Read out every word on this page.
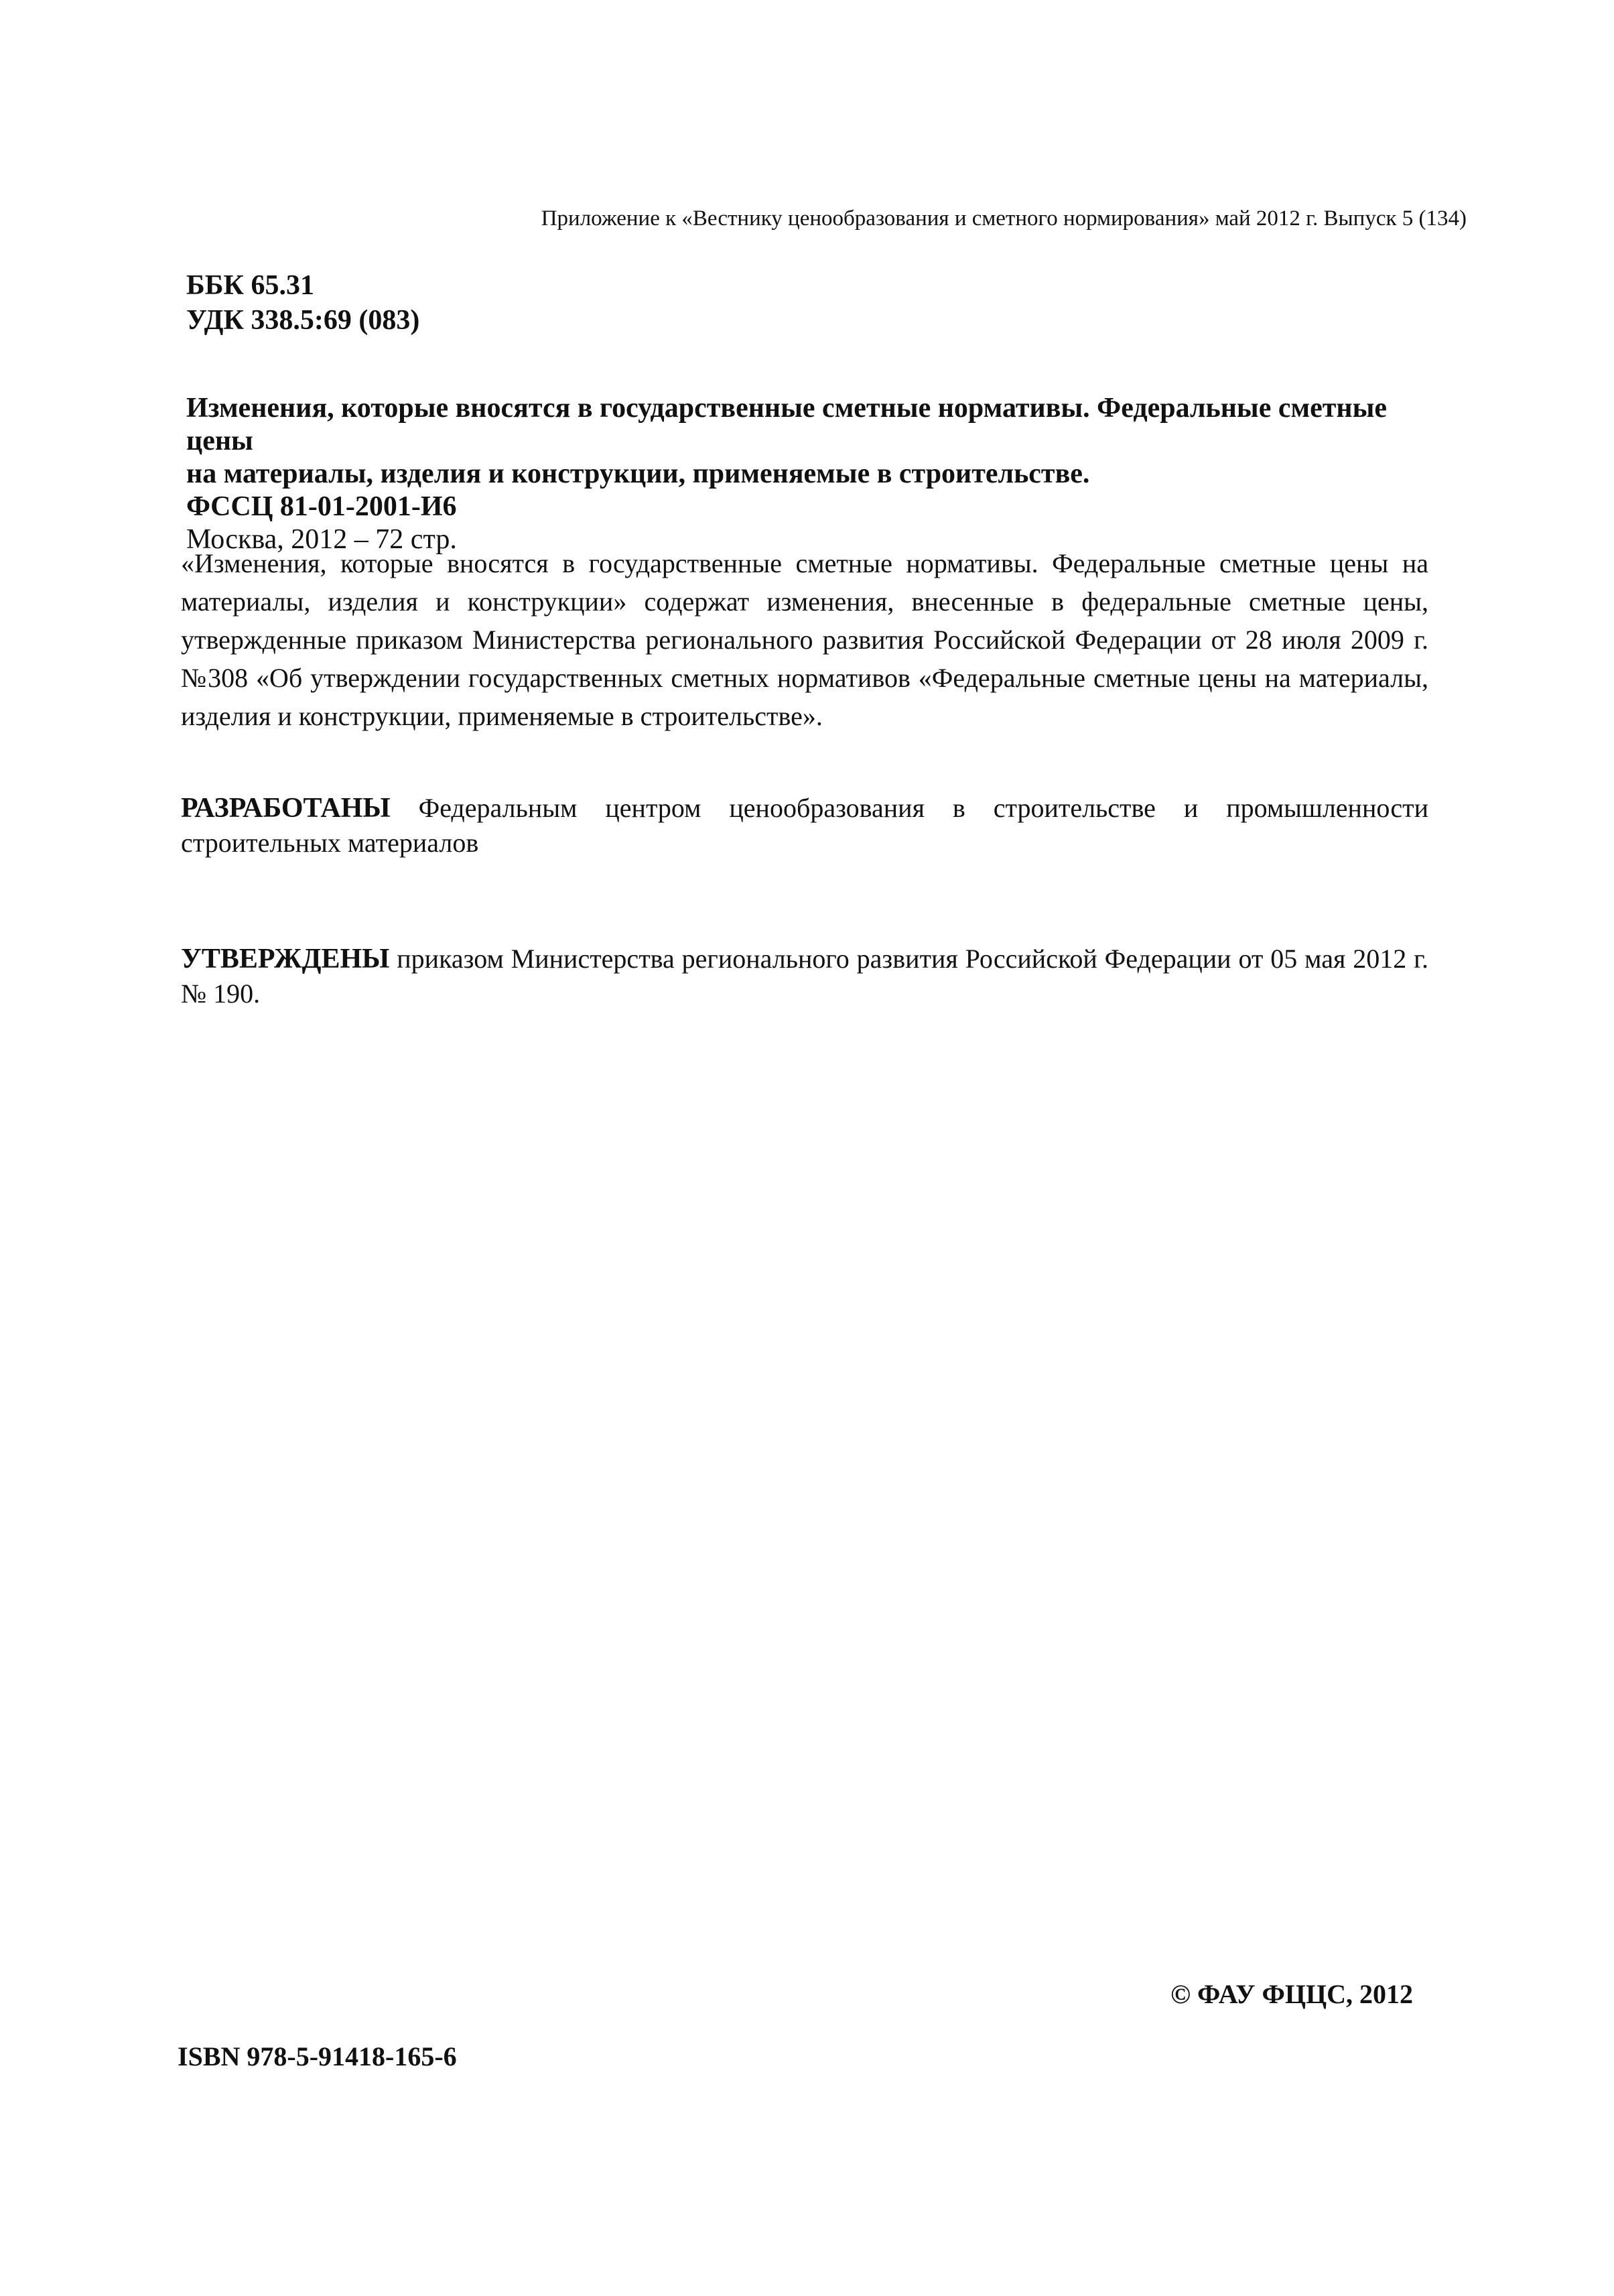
Приложение к «Вестнику ценообразования и сметного нормирования» май 2012 г. Выпуск 5 (134)
ББК 65.31
УДК 338.5:69 (083)
Изменения, которые вносятся в государственные сметные нормативы. Федеральные сметные цены
на материалы, изделия и конструкции, применяемые в строительстве.
ФССЦ 81-01-2001-И6
Москва, 2012 – 72 стр.
«Изменения, которые вносятся в государственные сметные нормативы. Федеральные сметные цены на материалы, изделия и конструкции» содержат изменения, внесенные в федеральные сметные цены, утвержденные приказом Министерства регионального развития Российской Федерации от 28 июля 2009 г. №308 «Об утверждении государственных сметных нормативов «Федеральные сметные цены на материалы, изделия и конструкции, применяемые в строительстве».
РАЗРАБОТАНЫ Федеральным центром ценообразования в строительстве и промышленности строительных материалов
УТВЕРЖДЕНЫ приказом Министерства регионального развития Российской Федерации от 05 мая 2012 г. № 190.
© ФАУ ФЦЦС, 2012
ISBN 978-5-91418-165-6
